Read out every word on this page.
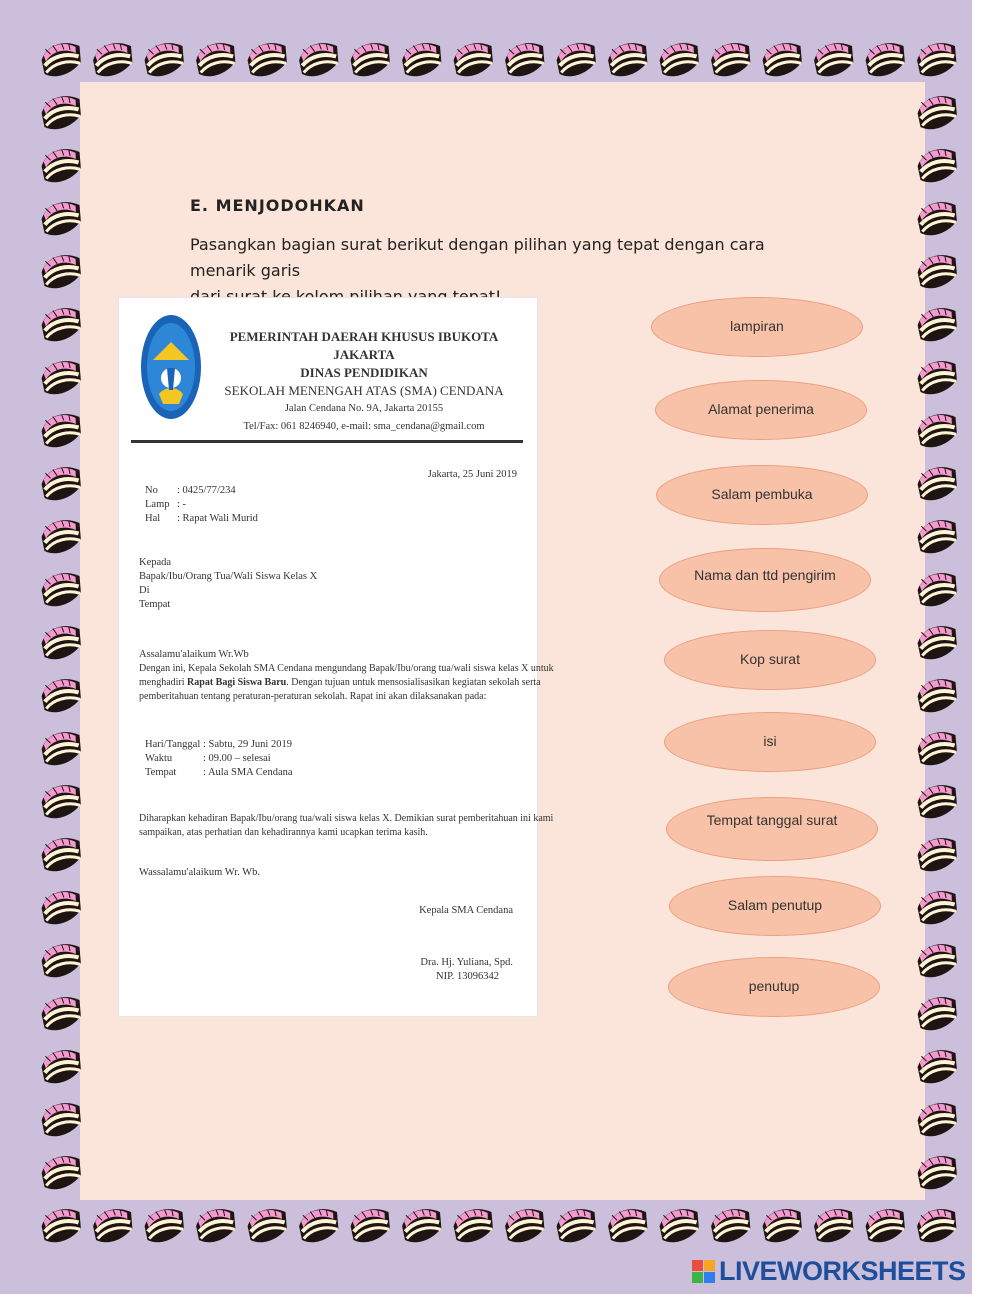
E. MENJODOHKAN
Pasangkan bagian surat berikut dengan pilihan yang tepat dengan cara menarik garis
PEMERINTAH DAERAH KHUSUS IBUKOTA JAKARTA
DINAS PENDIDIKAN
SEKOLAH MENENGAH ATAS (SMA) CENDANA
Jalan Cendana No. 9A, Jakarta 20155
Tel/Fax: 061 8246940, e-mail: sma_cendana@gmail.com
Jakarta, 25 Juni 2019
No : 0425/77/234
Lamp : -
Hal : Rapat Wali Murid
Kepada
Bapak/Ibu/Orang Tua/Wali Siswa Kelas X
Di
Tempat
Assalamu'alaikum Wr.Wb
Dengan ini, Kepala Sekolah SMA Cendana mengundang Bapak/Ibu/orang tua/wali siswa kelas X untuk
menghadiri Rapat Bagi Siswa Baru. Dengan tujuan untuk mensosialisasikan kegiatan sekolah serta
pemberitahuan tentang peraturan-peraturan sekolah. Rapat ini akan dilaksanakan pada:
Hari/Tanggal : Sabtu, 29 Juni 2019
Waktu	: 09.00 – selesai
Tempat	: Aula SMA Cendana
Diharapkan kehadiran Bapak/Ibu/orang tua/wali siswa kelas X. Demikian surat pemberitahuan ini kami
sampaikan, atas perhatian dan kehadirannya kami ucapkan terima kasih.
Wassalamu'alaikum Wr. Wb.
Kepala SMA Cendana
Dra. Hj. Yuliana, Spd.
NIP. 13096342
lampiran
Alamat penerima
Salam pembuka
Nama dan ttd pengirim
Kop surat
isi
Tempat tanggal surat
Salam penutup
penutup
LIVEWORKSHEETS
